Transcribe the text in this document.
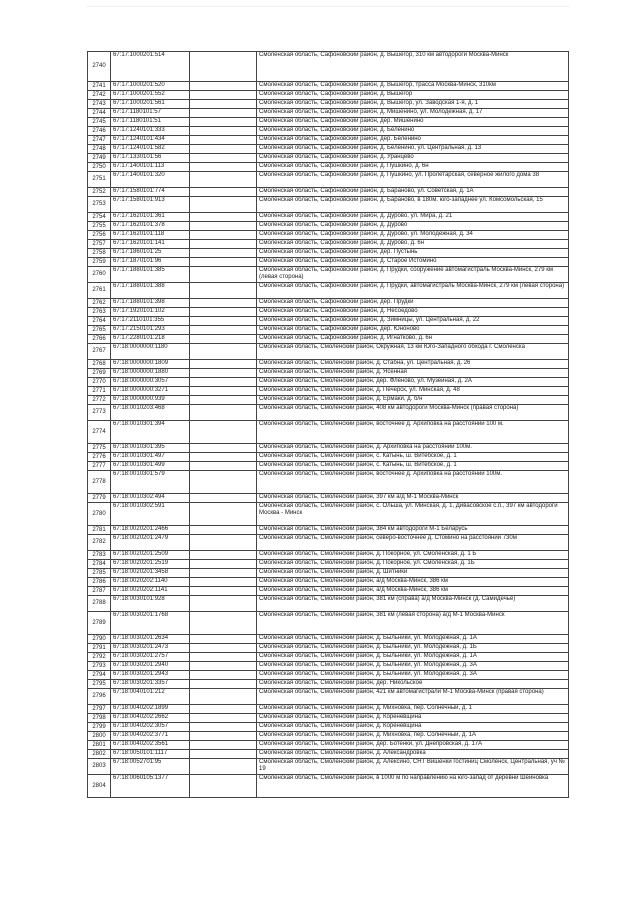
2740	67:17:1000201:514		Смоленская область, Сафоновский район, д. Вышегор, 310 км автодороги Москва-Минск
2741	67:17:1000201:520		Смоленская область, Сафоновский район, д. Вышегор, трасса Москва-Минск, 310км
2742	67:17:1000201:552		Смоленская область, Сафоновский район, д. Вышегор
2743	67:17:1000201:561		Смоленская область, Сафоновский район, д. Вышегор, ул. Заводская 1-я, д. 1
2744	67:17:1180101:57		Смоленская область, Сафоновский район, д. Мишенино, ул. Молодежная, д. 17
2745	67:17:1180101:51		Смоленская область, Сафоновский район, дер. Мишенино
2746	67:17:1240101:333		Смоленская область, Сафоновский район, д. Беленино
2747	67:17:1240101:434		Смоленская область, Сафоновский район, дер. Беленино
2748	67:17:1240101:582		Смоленская область, Сафоновский район, д. Беленино, ул. Центральная, д. 13
2749	67:17:1330101:56		Смоленская область, Сафоновский район, д. Уранцево
2750	67:17:1400101:113		Смоленская область, Сафоновский район, д. Пушкино, д. 6н
2751	67:17:1400101:320		Смоленская область, Сафоновский район, д. Пушкино, ул. Пролетарская, северное жилого дома 38
2752	67:17:1580101:774		Смоленская область, Сафоновский район, д. Бараново, ул. Советская, д. 1А
2753	67:17:1580101:913		Смоленская область, Сафоновский район, д. Бараново, в 180м. юго-западнее ул. Комсомольская, 15
2754	67:17:1620101:361		Смоленская область, Сафоновский район, д. Дурово, ул. Мира, д. 21
2755	67:17:1620101:378		Смоленская область, Сафоновский район, д. Дурово
2756	67:17:1620101:118		Смоленская область, Сафоновский район, д. Дурово, ул. Молодежная, д. 34
2757	67:17:1620101:141		Смоленская область, Сафоновский район, д. Дурово, д. 6н
2758	67:17:1860101:25		Смоленская область, Сафоновский район, дер. Пустынь
2759	67:17:1870101:96		Смоленская область, Сафоновский район, д. Старое Истомино
2760	67:17:1880101:385		Смоленская область, Сафоновский район, д. Прудки, сооружение автомагистраль Москва-Минск, 279 км (левая сторона)
2761	67:17:1880101:388		Смоленская область, Сафоновский район, д. Прудки, автомагистраль Москва-Минск, 279 км (левая сторона)
2762	67:17:1880101:398		Смоленская область, Сафоновский район, дер. Прудки
2763	67:17:1920101:102		Смоленская область, Сафоновский район, д. Несоедово
2764	67:17:2110101:355		Смоленская область, Сафоновский район, д. Зимницы, ул. Центральная, д. 22
2765	67:17:2150101:293		Смоленская область, Сафоновский район, дер. Юноново
2766	67:17:2280101:218		Смоленская область, Сафоновский район, д. Игнатково, д. 6н
2767	67:18:0000000:1180		Смоленская область, Смоленский район, Окружная, 13 км Юго-Западного обхода г. Смоленска
2768	67:18:0000000:1809		Смоленская область, Смоленский район, д. Стабна, ул. Центральная, д. 26
2769	67:18:0000000:1880		Смоленская область, Смоленский район, д. Ясенная
2770	67:18:0000000:3057		Смоленская область, Смоленский район, дер. Флёново, ул. Музейная, д. 2А
2771	67:18:0000000:3271		Смоленская область, Смоленский район, д. Печерск, ул. Минская, д. 48
2772	67:18:0000000:939		Смоленская область, Смоленский район, д. Ермаки, д. б/н
2773	67:18:0010203:468		Смоленская область, Смоленский район, 408 км автодороги Москва-Минск (правая сторона)
2774	67:18:0010301:394		Смоленская область, Смоленский район, восточнее д. Архиповка на расстоянии 100 м.
2775	67:18:0010301:395		Смоленская область, Смоленский район, д. Архиповка на расстоянии 100м.
2776	67:18:0010301:497		Смоленская область, Смоленский район, с. Катынь, ш. Витебское, д. 1
2777	67:18:0010301:499		Смоленская область, Смоленский район, с. Катынь, ш. Витебское, д. 1
2778	67:18:0010301:579		Смоленская область, Смоленский район, восточнее д. Архиповка на расстоянии 100м.
2779	67:18:0010302:494		Смоленская область, Смоленский район, 397 км а/д М-1 Москва-Минск
2780	67:18:0010302:591		Смоленская область, Смоленский район, с. Ольша, ул. Минская, д. 1, Дивасовское с.п., 397 км автодороги Москва - Минск
2781	67:18:0020201:2466		Смоленская область, Смоленский район, 384 км автодороги М-1 Беларусь
2782	67:18:0020201:2479		Смоленская область, Смоленский район, северо-восточнее д. Стомино на расстоянии 730м
2783	67:18:0020201:2509		Смоленская область, Смоленский район, д. Покорное, ул. Смоленская, д. 1 Б
2784	67:18:0020201:2519		Смоленская область, Смоленский район, д. Покорное, ул. Смоленская, д. 1Б
2785	67:18:0020201:3458		Смоленская область, Смоленский район, д. Шитники
2786	67:18:0020202:1140		Смоленская область, Смоленский район, а/д Москва-Минск, 386 км
2787	67:18:0020202:1141		Смоленская область, Смоленский район, а/д Москва-Минск, 386 км
2788	67:18:0030101:928		Смоленская область, Смоленский район, 381 км (справа) а/д Москва-Минск (д. Самидечье)
2789	67:18:0030201:1768		Смоленская область, Смоленский район, 381 км (левая сторона) а/д М-1 Москва-Минск
2790	67:18:0030201:2634		Смоленская область, Смоленский район, д. Быльники, ул. Молодежная, д. 1А
2791	67:18:0030201:2473		Смоленская область, Смоленский район, д. Быльники, ул. Молодежная, д. 1Б
2792	67:18:0030201:2757		Смоленская область, Смоленский район, д. Быльники, ул. Молодежная, д. 1А
2793	67:18:0030201:2940		Смоленская область, Смоленский район, д. Быльники, ул. Молодежная, д. 3А
2794	67:18:0030201:2943		Смоленская область, Смоленский район, д. Быльники, ул. Молодежная, д. 3А
2795	67:18:0030201:3357		Смоленская область, Смоленский район, дер. Никольское
2796	67:18:0040101:212		Смоленская область, Смоленский район, 421 км автомагистрали М-1 Москва-Минск (правая сторона)
2797	67:18:0040202:1899		Смоленская область, Смоленский район, д. Михновка, пер. Солнечный, д. 1
2798	67:18:0040202:2662		Смоленская область, Смоленский район, д. Кореневщина
2799	67:18:0040202:3057		Смоленская область, Смоленский район, д. Кореневщина
2800	67:18:0040202:3771		Смоленская область, Смоленский район, д. Михновка, пер. Солнечный, д. 1А
2801	67:18:0040202:3561		Смоленская область, Смоленский район, дер. Ботенки, ул. Днепровская, д. 17А
2802	67:18:0050101:1117		Смоленская область, Смоленский район, д. Александровка
2803	67:18:0052701:95		Смоленская область, Смоленский район, д. Алексино, СНТ Вишенки гостиниц Смоленск, Центральная, уч № 19
2804	67:18:0060105:1377		Смоленская область, Смоленский район, в 1000 м по направлению на юго-запад от деревни Шейновка
